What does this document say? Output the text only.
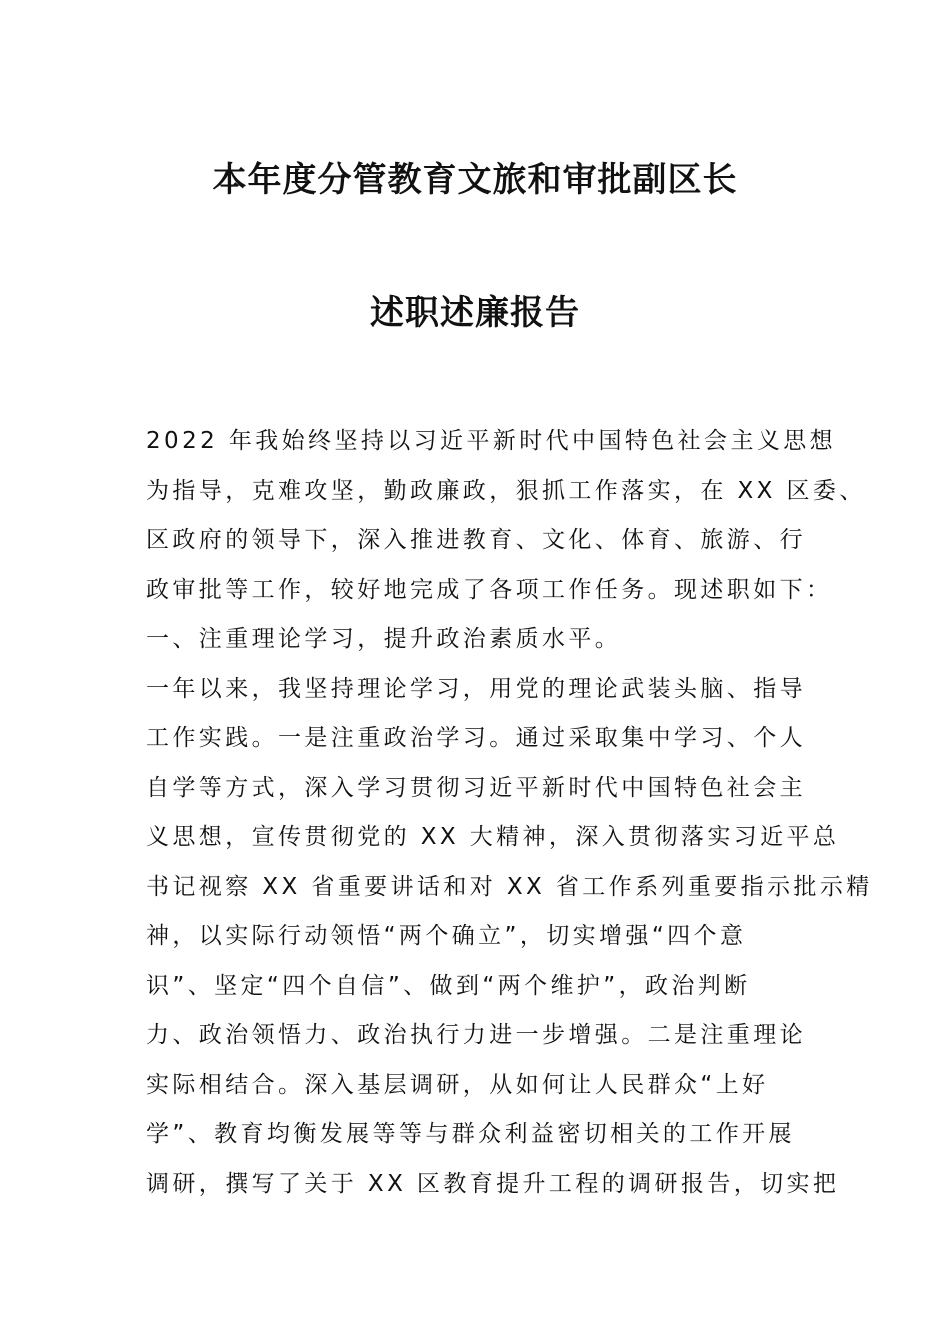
本年度分管教育文旅和审批副区长
述职述廉报告
2022 年我始终坚持以习近平新时代中国特色社会主义思想
为指导，克难攻坚，勤政廉政，狠抓工作落实，在 XX 区委、
区政府的领导下，深入推进教育、文化、体育、旅游、行
政审批等工作，较好地完成了各项工作任务。现述职如下：
一、注重理论学习，提升政治素质水平。
一年以来，我坚持理论学习，用党的理论武装头脑、指导
工作实践。一是注重政治学习。通过采取集中学习、个人
自学等方式，深入学习贯彻习近平新时代中国特色社会主
义思想，宣传贯彻党的 XX 大精神，深入贯彻落实习近平总
书记视察 XX 省重要讲话和对 XX 省工作系列重要指示批示精
神，以实际行动领悟“两个确立”，切实增强“四个意
识”、坚定“四个自信”、做到“两个维护”，政治判断
力、政治领悟力、政治执行力进一步增强。二是注重理论
实际相结合。深入基层调研，从如何让人民群众“上好
学”、教育均衡发展等等与群众利益密切相关的工作开展
调研，撰写了关于 XX 区教育提升工程的调研报告，切实把
